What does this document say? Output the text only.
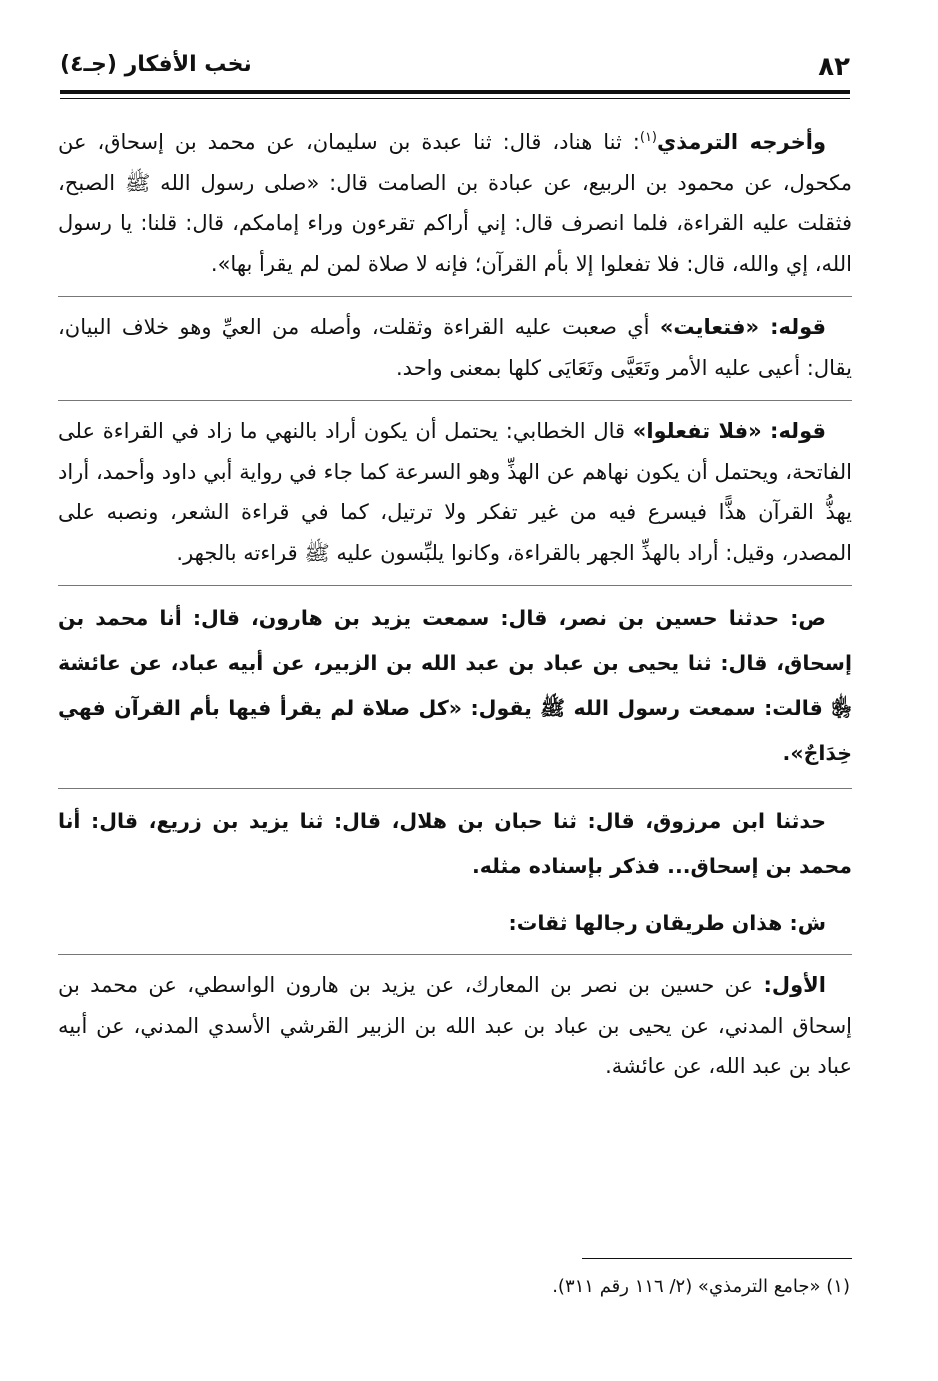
٨٢
نخب الأفكار (جـ٤)

وأخرجه الترمذي$^{(١)}$: ثنا هناد، قال: ثنا عبدة بن سليمان، عن محمد بن إسحاق، عن مكحول، عن محمود بن الربيع، عن عبادة بن الصامت قال: «صلى رسول الله ﷺ الصبح، فثقلت عليه القراءة، فلما انصرف قال: إني أراكم تقرءون وراء إمامكم، قال: قلنا: يا رسول الله، إي والله، قال: فلا تفعلوا إلا بأم القرآن؛ فإنه لا صلاة لمن لم يقرأ بها».

قوله: «فتعايت» أي صعبت عليه القراءة وثقلت، وأصله من العيِّ وهو خلاف البيان، يقال: أعيى عليه الأمر وتَعَيَّى وتَعَايَى كلها بمعنى واحد.

قوله: «فلا تفعلوا» قال الخطابي: يحتمل أن يكون أراد بالنهي ما زاد في القراءة على الفاتحة، ويحتمل أن يكون نهاهم عن الهذِّ وهو السرعة كما جاء في رواية أبي داود وأحمد، أراد يهذُّ القرآن هذًّا فيسرع فيه من غير تفكر ولا ترتيل، كما في قراءة الشعر، ونصبه على المصدر، وقيل: أراد بالهذِّ الجهر بالقراءة، وكانوا يلبِّسون عليه ﷺ قراءته بالجهر.

ص: حدثنا حسين بن نصر، قال: سمعت يزيد بن هارون، قال: أنا محمد بن إسحاق، قال: ثنا يحيى بن عباد بن عبد الله بن الزبير، عن أبيه عباد، عن عائشة ﵂ قالت: سمعت رسول الله ﷺ يقول: «كل صلاة لم يقرأ فيها بأم القرآن فهي خِدَاجٌ».

حدثنا ابن مرزوق، قال: ثنا حبان بن هلال، قال: ثنا يزيد بن زريع، قال: أنا محمد بن إسحاق... فذكر بإسناده مثله.

ش: هذان طريقان رجالها ثقات:

الأول: عن حسين بن نصر بن المعارك، عن يزيد بن هارون الواسطي، عن محمد بن إسحاق المدني، عن يحيى بن عباد بن عبد الله بن الزبير القرشي الأسدي المدني، عن أبيه عباد بن عبد الله، عن عائشة.

(١) «جامع الترمذي» (٢/ ١١٦ رقم ٣١١).
